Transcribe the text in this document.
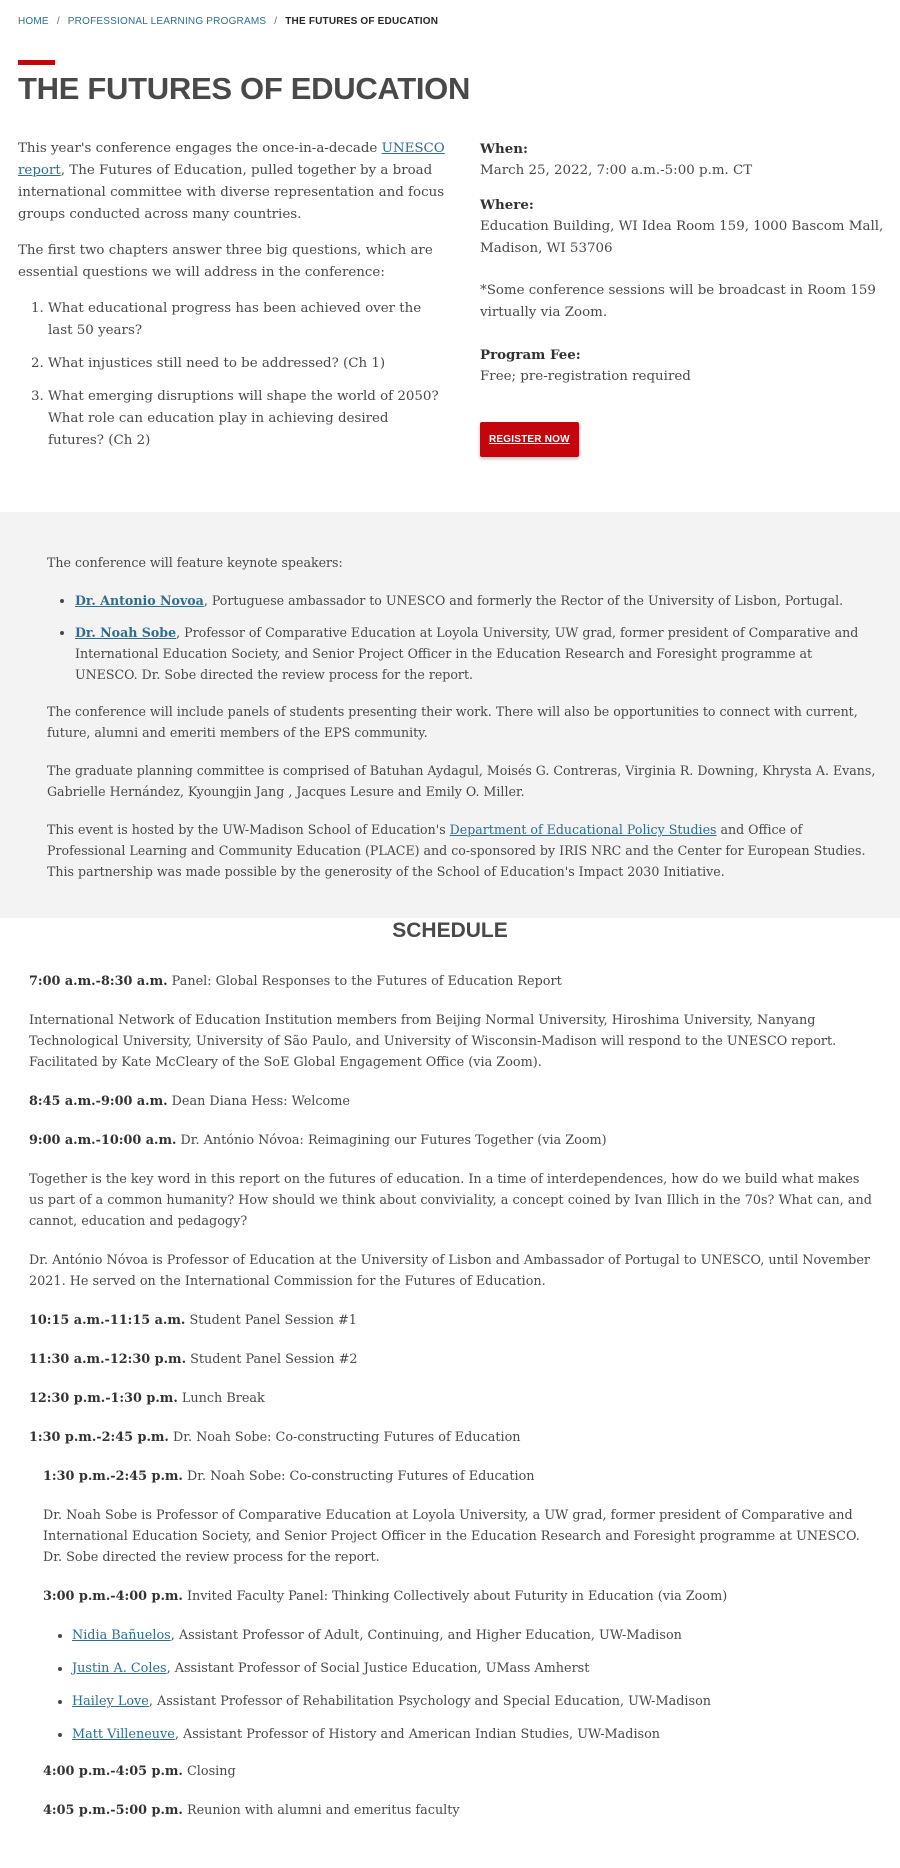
HOME / PROFESSIONAL LEARNING PROGRAMS / THE FUTURES OF EDUCATION
THE FUTURES OF EDUCATION

This year's conference engages the once-in-a-decade UNESCO report, The Futures of Education, pulled together by a broad international committee with diverse representation and focus groups conducted across many countries.

The first two chapters answer three big questions, which are essential questions we will address in the conference:

1. What educational progress has been achieved over the last 50 years?
2. What injustices still need to be addressed? (Ch 1)
3. What emerging disruptions will shape the world of 2050? What role can education play in achieving desired futures? (Ch 2)
When:
March 25, 2022, 7:00 a.m.-5:00 p.m. CT
Where:
Education Building, WI Idea Room 159, 1000 Bascom Mall, Madison, WI 53706
*Some conference sessions will be broadcast in Room 159 virtually via Zoom.
Program Fee:
Free; pre-registration required
REGISTER NOW

The conference will feature keynote speakers:

• Dr. Antonio Novoa, Portuguese ambassador to UNESCO and formerly the Rector of the University of Lisbon, Portugal.
• Dr. Noah Sobe, Professor of Comparative Education at Loyola University, UW grad, former president of Comparative and International Education Society, and Senior Project Officer in the Education Research and Foresight programme at UNESCO. Dr. Sobe directed the review process for the report.

The conference will include panels of students presenting their work. There will also be opportunities to connect with current, future, alumni and emeriti members of the EPS community.

The graduate planning committee is comprised of Batuhan Aydagul, Moisés G. Contreras, Virginia R. Downing, Khrysta A. Evans, Gabrielle Hernández, Kyoungjin Jang , Jacques Lesure and Emily O. Miller.

This event is hosted by the UW-Madison School of Education's Department of Educational Policy Studies and Office of Professional Learning and Community Education (PLACE) and co-sponsored by IRIS NRC and the Center for European Studies. This partnership was made possible by the generosity of the School of Education's Impact 2030 Initiative.

SCHEDULE

7:00 a.m.-8:30 a.m. Panel: Global Responses to the Futures of Education Report

International Network of Education Institution members from Beijing Normal University, Hiroshima University, Nanyang Technological University, University of São Paulo, and University of Wisconsin-Madison will respond to the UNESCO report. Facilitated by Kate McCleary of the SoE Global Engagement Office (via Zoom).

8:45 a.m.-9:00 a.m. Dean Diana Hess: Welcome

9:00 a.m.-10:00 a.m. Dr. António Nóvoa: Reimagining our Futures Together (via Zoom)

Together is the key word in this report on the futures of education. In a time of interdependences, how do we build what makes us part of a common humanity? How should we think about conviviality, a concept coined by Ivan Illich in the 70s? What can, and cannot, education and pedagogy?

Dr. António Nóvoa is Professor of Education at the University of Lisbon and Ambassador of Portugal to UNESCO, until November 2021. He served on the International Commission for the Futures of Education.

10:15 a.m.-11:15 a.m. Student Panel Session #1

11:30 a.m.-12:30 p.m. Student Panel Session #2

12:30 p.m.-1:30 p.m. Lunch Break

1:30 p.m.-2:45 p.m. Dr. Noah Sobe: Co-constructing Futures of Education

1:30 p.m.-2:45 p.m. Dr. Noah Sobe: Co-constructing Futures of Education

Dr. Noah Sobe is Professor of Comparative Education at Loyola University, a UW grad, former president of Comparative and International Education Society, and Senior Project Officer in the Education Research and Foresight programme at UNESCO. Dr. Sobe directed the review process for the report.

3:00 p.m.-4:00 p.m. Invited Faculty Panel: Thinking Collectively about Futurity in Education (via Zoom)

• Nidia Bañuelos, Assistant Professor of Adult, Continuing, and Higher Education, UW-Madison
• Justin A. Coles, Assistant Professor of Social Justice Education, UMass Amherst
• Hailey Love, Assistant Professor of Rehabilitation Psychology and Special Education, UW-Madison
• Matt Villeneuve, Assistant Professor of History and American Indian Studies, UW-Madison

4:00 p.m.-4:05 p.m. Closing

4:05 p.m.-5:00 p.m. Reunion with alumni and emeritus faculty
